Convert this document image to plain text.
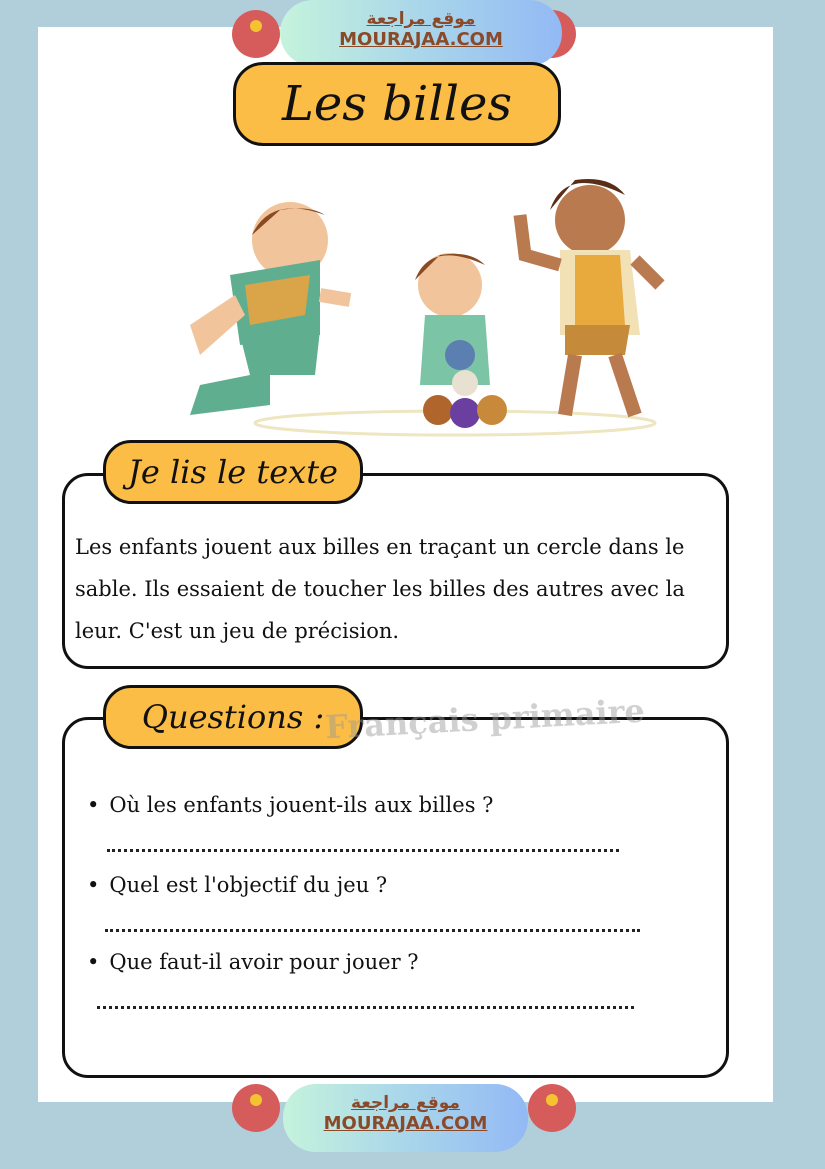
موقع مراجعة
MOURAJAA.COM
Les billes
Je lis le texte
Les enfants jouent aux billes en traçant un cercle dans le sable. Ils essaient de toucher les billes des autres avec la leur. C'est un jeu de précision.
Questions : Français primaire
• Où les enfants jouent-ils aux billes ?
• Quel est l'objectif du jeu ?
• Que faut-il avoir pour jouer ?
موقع مراجعة
MOURAJAA.COM
